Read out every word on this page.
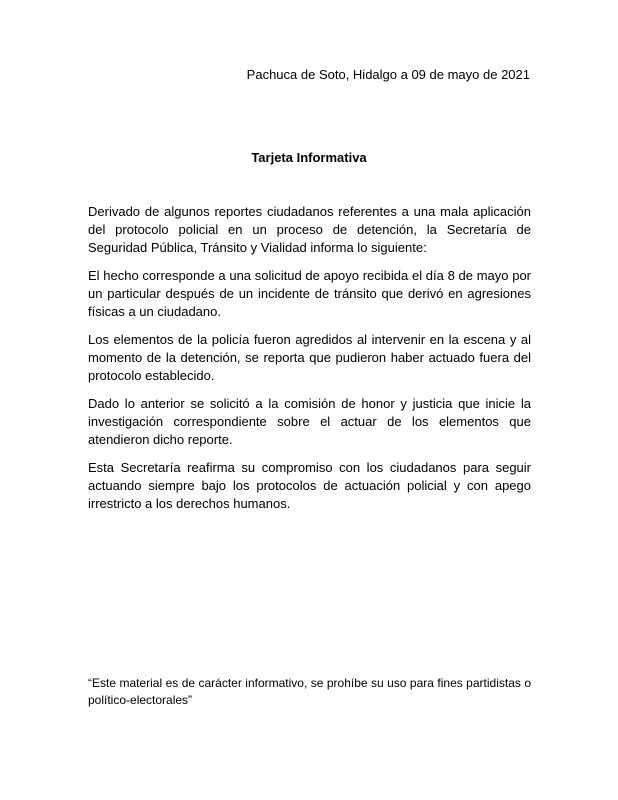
Pachuca de Soto, Hidalgo a 09 de mayo de 2021
Tarjeta Informativa

Derivado de algunos reportes ciudadanos referentes a una mala aplicación del protocolo policial en un proceso de detención, la Secretaría de Seguridad Pública, Tránsito y Vialidad informa lo siguiente:

El hecho corresponde a una solicitud de apoyo recibida el día 8 de mayo por un particular después de un incidente de tránsito que derivó en agresiones físicas a un ciudadano.

Los elementos de la policía fueron agredidos al intervenir en la escena y al momento de la detención, se reporta que pudieron haber actuado fuera del protocolo establecido.

Dado lo anterior se solicitó a la comisión de honor y justicia que inicie la investigación correspondiente sobre el actuar de los elementos que atendieron dicho reporte.

Esta Secretaría reafirma su compromiso con los ciudadanos para seguir actuando siempre bajo los protocolos de actuación policial y con apego irrestricto a los derechos humanos.

“Este material es de carácter informativo, se prohíbe su uso para fines partidistas o político-electorales”
